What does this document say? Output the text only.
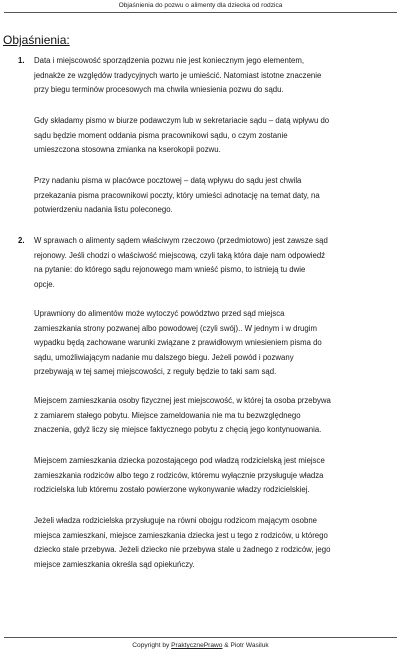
Objaśnienia do pozwu o alimenty dla dziecka od rodzica
Objaśnienia:
1. Data i miejscowość sporządzenia pozwu nie jest koniecznym jego elementem,
jednakże ze względów tradycyjnych warto je umieścić. Natomiast istotne znaczenie
przy biegu terminów procesowych ma chwila wniesienia pozwu do sądu.
Gdy składamy pismo w biurze podawczym lub w sekretariacie sądu – datą wpływu do
sądu będzie moment oddania pisma pracownikowi sądu, o czym zostanie
umieszczona stosowna zmianka na kserokopii pozwu.
Przy nadaniu pisma w placówce pocztowej – datą wpływu do sądu jest chwila
przekazania pisma pracownikowi poczty, który umieści adnotację na temat daty, na
potwierdzeniu nadania listu poleconego.
2. W sprawach o alimenty sądem właściwym rzeczowo (przedmiotowo) jest zawsze sąd
rejonowy. Jeśli chodzi o właściwość miejscową, czyli taką która daje nam odpowiedź
na pytanie: do którego sądu rejonowego mam wnieść pismo, to istnieją tu dwie
opcje.
Uprawniony do alimentów może wytoczyć powództwo przed sąd miejsca
zamieszkania strony pozwanej albo powodowej (czyli swój).. W jednym i w drugim
wypadku będą zachowane warunki związane z prawidłowym wniesieniem pisma do
sądu, umożliwiającym nadanie mu dalszego biegu. Jeżeli powód i pozwany
przebywają w tej samej miejscowości, z reguły będzie to taki sam sąd.
Miejscem zamieszkania osoby fizycznej jest miejscowość, w której ta osoba przebywa
z zamiarem stałego pobytu. Miejsce zameldowania nie ma tu bezwzględnego
znaczenia, gdyż liczy się miejsce faktycznego pobytu z chęcią jego kontynuowania.
Miejscem zamieszkania dziecka pozostającego pod władzą rodzicielską jest miejsce
zamieszkania rodziców albo tego z rodziców, któremu wyłącznie przysługuje władza
rodzicielska lub któremu zostało powierzone wykonywanie władzy rodzicielskiej.
Jeżeli władza rodzicielska przysługuje na równi obojgu rodzicom mającym osobne
miejsca zamieszkani, miejsce zamieszkania dziecka jest u tego z rodziców, u którego
dziecko stale przebywa. Jeżeli dziecko nie przebywa stale u żadnego z rodziców, jego
miejsce zamieszkania określa sąd opiekuńczy.
Copyright by PraktycznePrawo & Piotr Wasiluk
